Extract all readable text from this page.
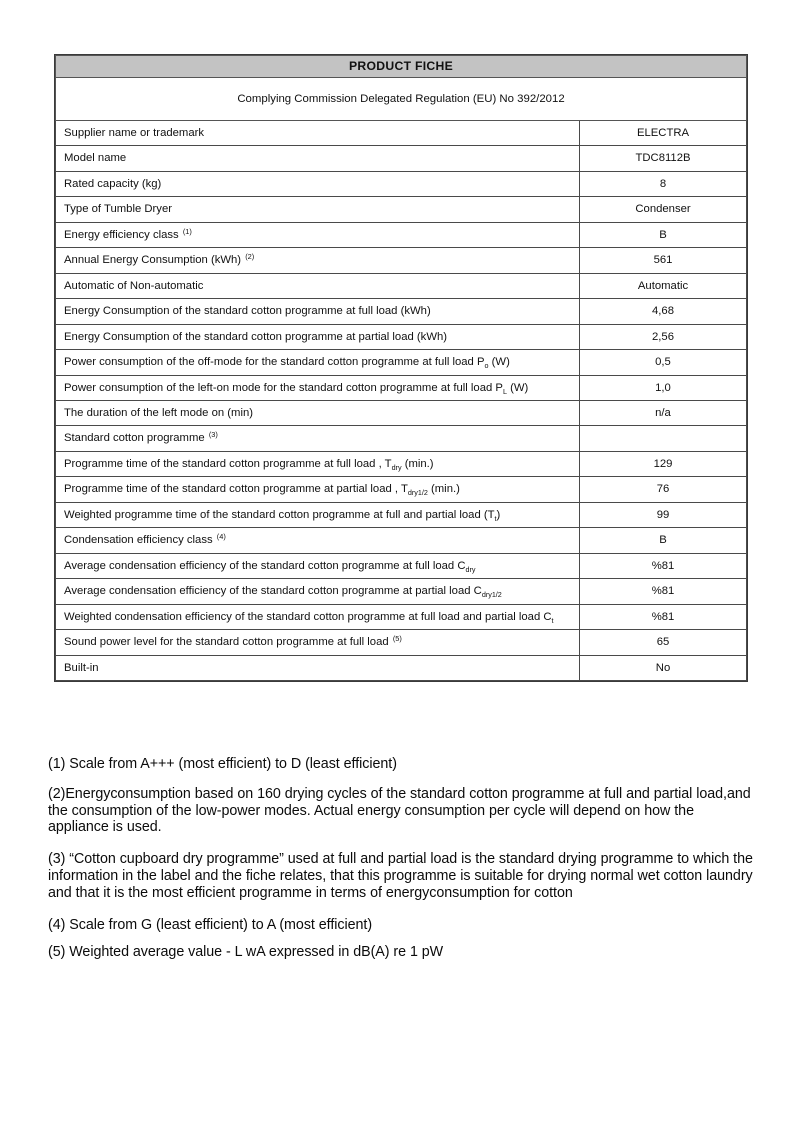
PRODUCT FICHE	
Complying Commission Delegated Regulation (EU) No 392/2012	
Supplier name or trademark	ELECTRA
Model name	TDC8112B
Rated capacity (kg)	8
Type of Tumble Dryer	Condenser
Energy efficiency class $^{(1)}$	B
Annual Energy Consumption (kWh) $^{(2)}$	561
Automatic of Non-automatic	Automatic
Energy Consumption of the standard cotton programme at full load (kWh)	4,68
Energy Consumption of the standard cotton programme at partial load (kWh)	2,56
Power consumption of the off-mode for the standard cotton programme at full load $P_o$ (W)	0,5
Power consumption of the left-on mode for the standard cotton programme at full load $P_L$ (W)	1,0
The duration of the left mode on (min)	n/a
Standard cotton programme $^{(3)}$	
Programme time of the standard cotton programme at full load , $T_{dry}$ (min.)	129
Programme time of the standard cotton programme at partial load , $T_{dry1/2}$ (min.)	76
Weighted programme time of the standard cotton programme at full and partial load $(T_t)$	99
Condensation efficiency class $^{(4)}$	B
Average condensation efficiency of the standard cotton programme at full load $C_{dry}$	%81
Average condensation efficiency of the standard cotton programme at partial load $C_{dry1/2}$	%81
Weighted condensation efficiency of the standard cotton programme at full load and partial load $C_t$	%81
Sound power level for the standard cotton programme at full load $^{(5)}$	65
Built-in	No

(1) Scale from A+++ (most efficient) to D (least efficient)

(2)Energyconsumption based on 160 drying cycles of the standard cotton programme at full and partial load,and the consumption of the low-power modes. Actual energy consumption per cycle will depend on how the appliance is used.

(3) “Cotton cupboard dry programme” used at full and partial load is the standard drying programme to which the information in the label and the fiche relates, that this programme is suitable for drying normal wet cotton laundry and that it is the most efficient programme in terms of energyconsumption for cotton

(4) Scale from G (least efficient) to A (most efficient)

(5) Weighted average value - L wA expressed in dB(A) re 1 pW
